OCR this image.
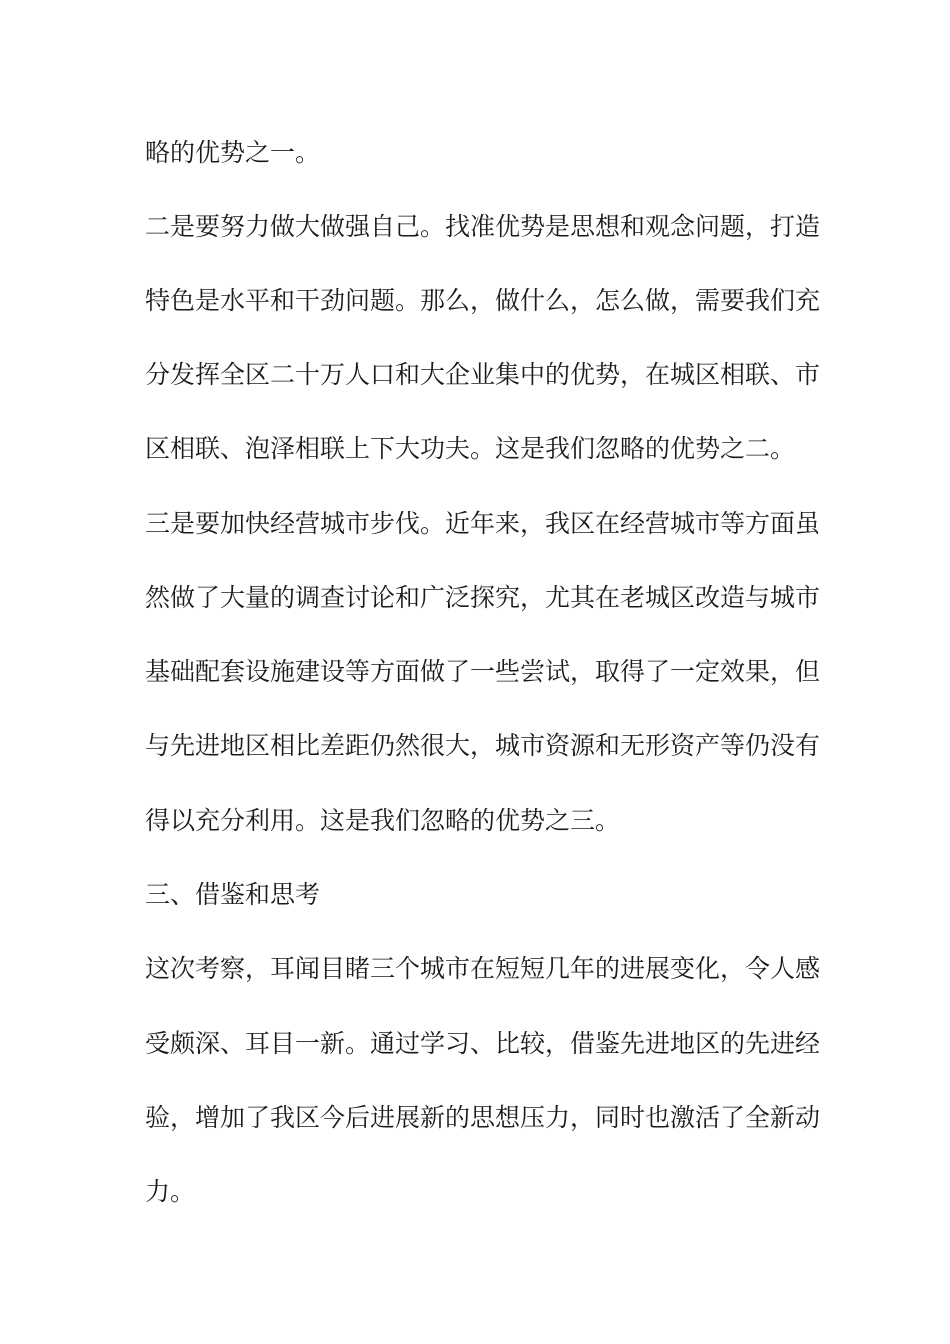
略的优势之一。
二是要努力做大做强自己。找准优势是思想和观念问题，打造
特色是水平和干劲问题。那么，做什么，怎么做，需要我们充
分发挥全区二十万人口和大企业集中的优势，在城区相联、市
区相联、泡泽相联上下大功夫。这是我们忽略的优势之二。
三是要加快经营城市步伐。近年来，我区在经营城市等方面虽
然做了大量的调查讨论和广泛探究，尤其在老城区改造与城市
基础配套设施建设等方面做了一些尝试，取得了一定效果，但
与先进地区相比差距仍然很大，城市资源和无形资产等仍没有
得以充分利用。这是我们忽略的优势之三。
三、借鉴和思考
这次考察，耳闻目睹三个城市在短短几年的进展变化，令人感
受颇深、耳目一新。通过学习、比较，借鉴先进地区的先进经
验，增加了我区今后进展新的思想压力，同时也激活了全新动
力。
